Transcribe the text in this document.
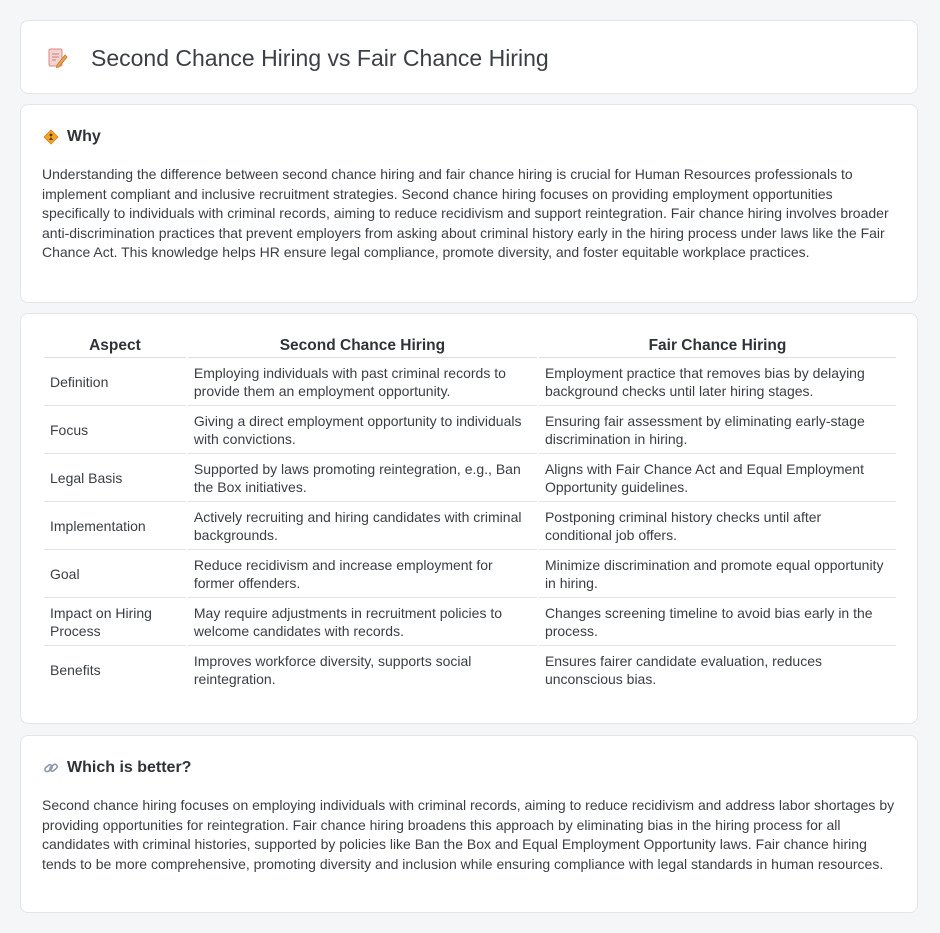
Second Chance Hiring vs Fair Chance Hiring
Why

Understanding the difference between second chance hiring and fair chance hiring is crucial for Human Resources professionals to implement compliant and inclusive recruitment strategies. Second chance hiring focuses on providing employment opportunities specifically to individuals with criminal records, aiming to reduce recidivism and support reintegration. Fair chance hiring involves broader anti-discrimination practices that prevent employers from asking about criminal history early in the hiring process under laws like the Fair Chance Act. This knowledge helps HR ensure legal compliance, promote diversity, and foster equitable workplace practices.

Aspect	Second Chance Hiring	Fair Chance Hiring
Definition	Employing individuals with past criminal records to provide them an employment opportunity.	Employment practice that removes bias by delaying background checks until later hiring stages.
Focus	Giving a direct employment opportunity to individuals with convictions.	Ensuring fair assessment by eliminating early-stage discrimination in hiring.
Legal Basis	Supported by laws promoting reintegration, e.g., Ban the Box initiatives.	Aligns with Fair Chance Act and Equal Employment Opportunity guidelines.
Implementation	Actively recruiting and hiring candidates with criminal backgrounds.	Postponing criminal history checks until after conditional job offers.
Goal	Reduce recidivism and increase employment for former offenders.	Minimize discrimination and promote equal opportunity in hiring.
Impact on Hiring Process	May require adjustments in recruitment policies to welcome candidates with records.	Changes screening timeline to avoid bias early in the process.
Benefits	Improves workforce diversity, supports social reintegration.	Ensures fairer candidate evaluation, reduces unconscious bias.
Which is better?

Second chance hiring focuses on employing individuals with criminal records, aiming to reduce recidivism and address labor shortages by providing opportunities for reintegration. Fair chance hiring broadens this approach by eliminating bias in the hiring process for all candidates with criminal histories, supported by policies like Ban the Box and Equal Employment Opportunity laws. Fair chance hiring tends to be more comprehensive, promoting diversity and inclusion while ensuring compliance with legal standards in human resources.
